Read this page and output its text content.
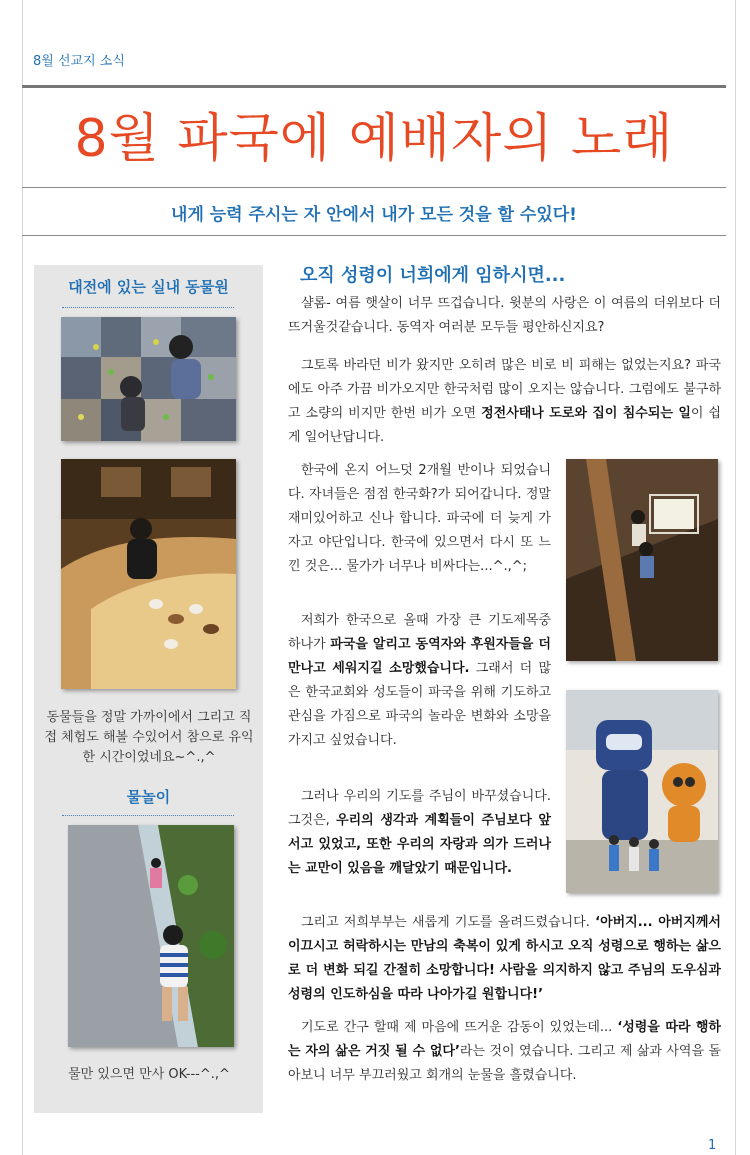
8월 선교지 소식
8월 파국에 예배자의 노래
내게 능력 주시는 자 안에서 내가 모든 것을 할 수있다!
대전에 있는 실내 동물원
동물들을 정말 가까이에서 그리고 직접 체험도 해볼 수있어서 참으로 유익한 시간이었네요~^.,^
물놀이
물만 있으면 만사 OK---^.,^
오직 성령이 너희에게 임하시면...

샬롬- 여름 햇살이 너무 뜨겁습니다. 윗분의 사랑은 이 여름의 더위보다 더 뜨거울것같습니다. 동역자 여러분 모두들 평안하신지요?

그토록 바라던 비가 왔지만 오히려 많은 비로 비 피해는 없었는지요? 파국에도 아주 가끔 비가오지만 한국처럼 많이 오지는 않습니다. 그럼에도 불구하고 소량의 비지만 한번 비가 오면 정전사태나 도로와 집이 침수되는 일이 쉽게 일어난답니다.

한국에 온지 어느덧 2개월 반이나 되었습니다. 자녀들은 점점 한국화?가 되어갑니다. 정말 재미있어하고 신나 합니다. 파국에 더 늦게 가자고 야단입니다. 한국에 있으면서 다시 또 느낀 것은... 물가가 너무나 비싸다는...^.,^;

저희가 한국으로 올때 가장 큰 기도제목중 하나가 파국을 알리고 동역자와 후원자들을 더 만나고 세워지길 소망했습니다. 그래서 더 많은 한국교회와 성도들이 파국을 위해 기도하고 관심을 가짐으로 파국의 놀라운 변화와 소망을 가지고 싶었습니다.

그러나 우리의 기도를 주님이 바꾸셨습니다. 그것은, 우리의 생각과 계획들이 주님보다 앞서고 있었고, 또한 우리의 자랑과 의가 드러나는 교만이 있음을 깨달았기 때문입니다.

그리고 저희부부는 새롭게 기도를 올려드렸습니다. ‘아버지... 아버지께서 이끄시고 허락하시는 만남의 축복이 있게 하시고 오직 성령으로 행하는 삶으로 더 변화 되길 간절히 소망합니다! 사람을 의지하지 않고 주님의 도우심과 성령의 인도하심을 따라 나아가길 원합니다!’

기도로 간구 할때 제 마음에 뜨거운 감동이 있었는데... ‘성령을 따라 행하는 자의 삶은 거짓 될 수 없다’라는 것이 였습니다. 그리고 제 삶과 사역을 돌아보니 너무 부끄러웠고 회개의 눈물을 흘렸습니다.

1
